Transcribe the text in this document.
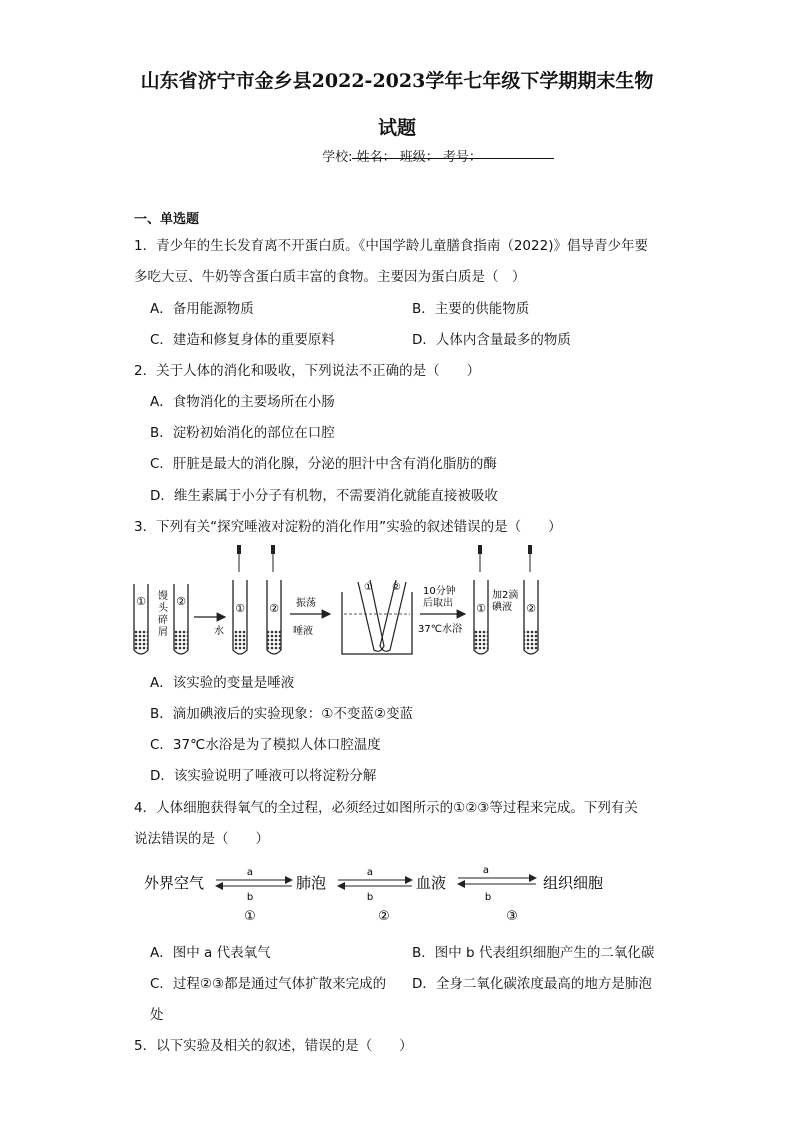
山东省济宁市金乡县2022-2023学年七年级下学期期末生物
试题
学校: 姓名： 班级： 考号：
一、单选题
1．青少年的生长发育离不开蛋白质。《中国学龄儿童膳食指南（2022)》倡导青少年要
多吃大豆、牛奶等含蛋白质丰富的食物。主要因为蛋白质是（　）
A．备用能源物质	B．主要的供能物质
C．建造和修复身体的重要原料	D．人体内含量最多的物质
2．关于人体的消化和吸收，下列说法不正确的是（　　）
A．食物消化的主要场所在小肠
B．淀粉初始消化的部位在口腔
C．肝脏是最大的消化腺，分泌的胆汁中含有消化脂肪的酶
D．维生素属于小分子有机物，不需要消化就能直接被吸收
3．下列有关“探究唾液对淀粉的消化作用”实验的叙述错误的是（　　）
①	②
馒
头
碎
屑
① ②
水	唾液
振荡
① ② 10分钟
后取出
37℃水浴
①	②
加2滴
碘液
A．该实验的变量是唾液
B．滴加碘液后的实验现象：①不变蓝②变蓝
C．37℃水浴是为了模拟人体口腔温度
D．该实验说明了唾液可以将淀粉分解
4．人体细胞获得氧气的全过程，必须经过如图所示的①②③等过程来完成。下列有关
说法错误的是（　　）
外界空气	肺泡	血液	组织细胞
a
b
①
a
b
②
a
b
③
A．图中 a 代表氧气	B．图中 b 代表组织细胞产生的二氧化碳
C．过程②③都是通过气体扩散来完成的 D．全身二氧化碳浓度最高的地方是肺泡
处
5．以下实验及相关的叙述，错误的是（　　）
